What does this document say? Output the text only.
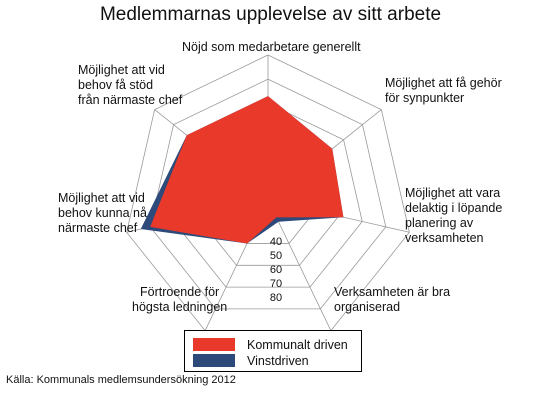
Medlemmarnas upplevelse av sitt arbete
40
50
60
70
80
Nöjd som medarbetare generellt
Möjlighet att få gehör
för synpunkter
Möjlighet att vara
delaktig i löpande
planering av
verksamheten
Verksamheten är bra
organiserad
Förtroende för
högsta ledningen
Möjlighet att vid
behov kunna nå
närmaste chef
Möjlighet att vid
behov få stöd
från närmaste chef
Kommunalt driven
Vinstdriven
Källa: Kommunals medlemsundersökning 2012
